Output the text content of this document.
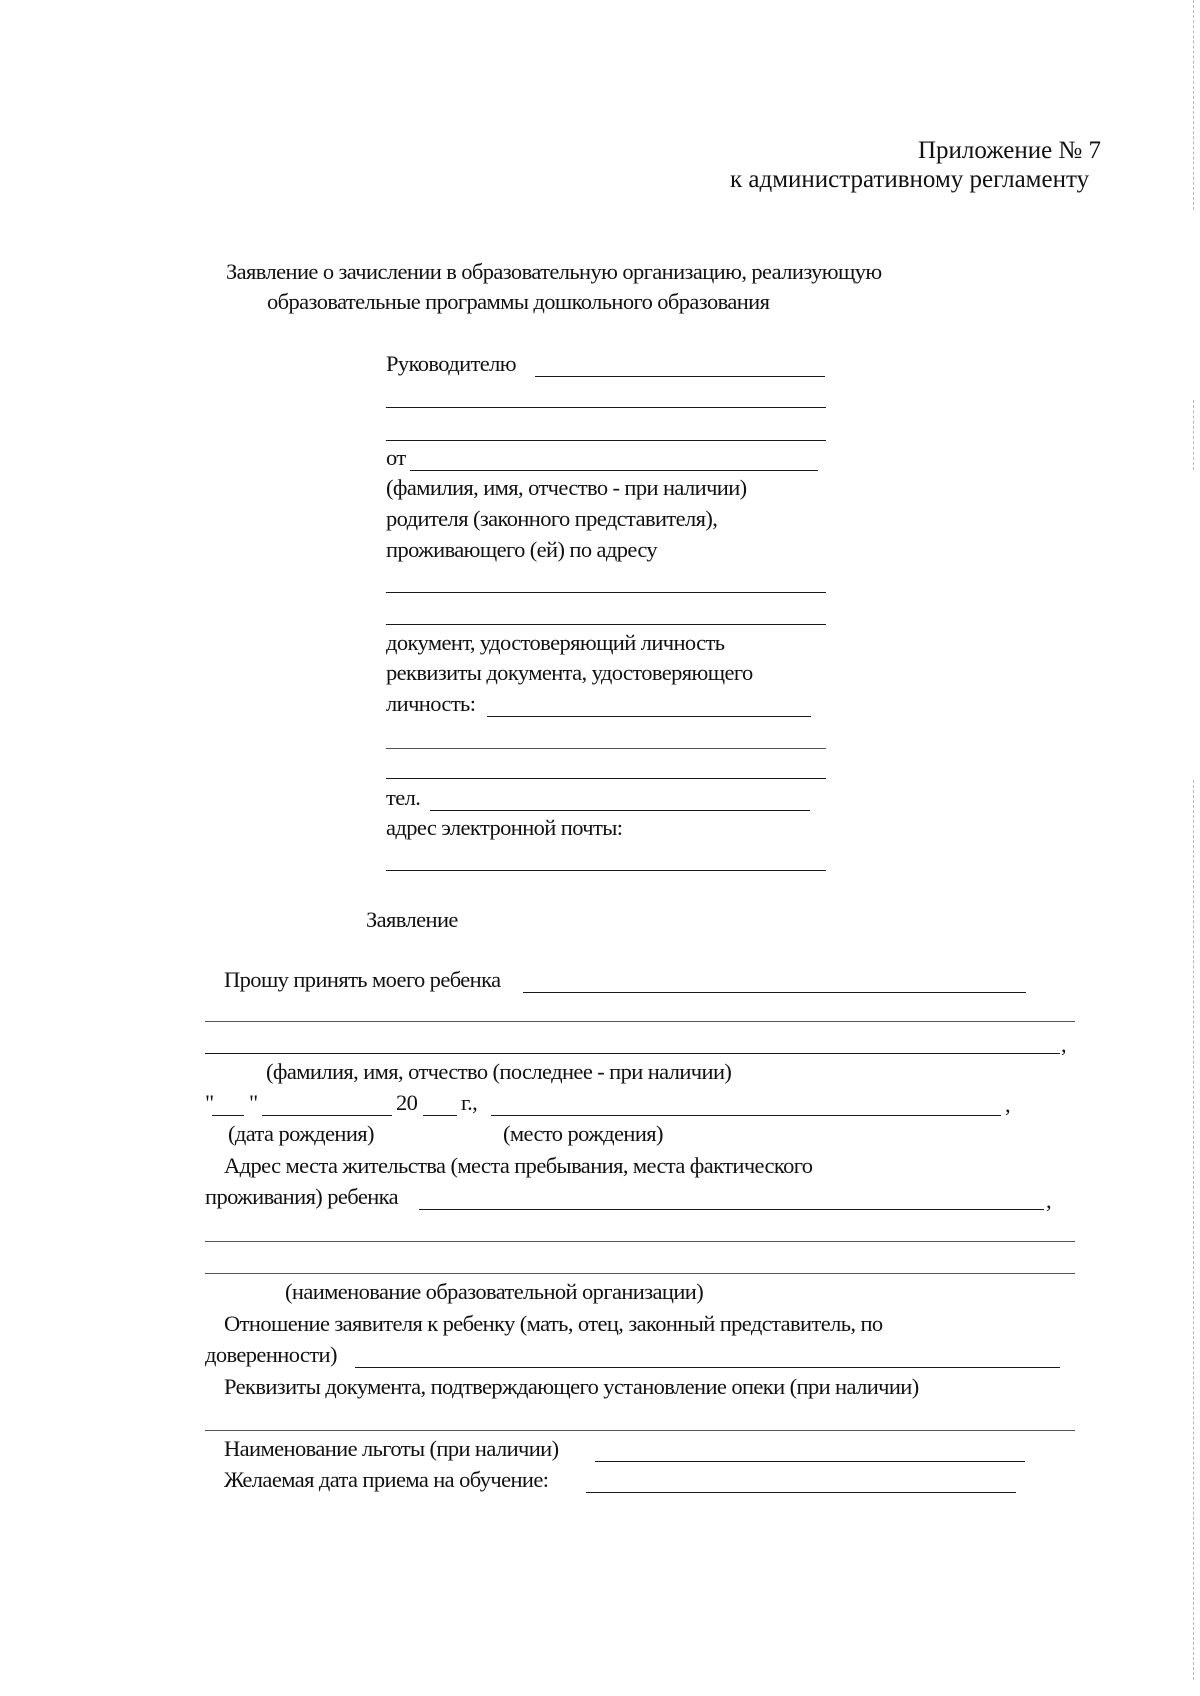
Приложение № 7
к административному регламенту
Заявление о зачислении в образовательную организацию, реализующую
образовательные программы дошкольного образования
Руководителю
от
(фамилия, имя, отчество - при наличии)
родителя (законного представителя),
проживающего (ей) по адресу
документ, удостоверяющий личность
реквизиты документа, удостоверяющего
личность:
тел.
адрес электронной почты:
Заявление
Прошу принять моего ребенка
,
(фамилия, имя, отчество (последнее - при наличии)
" "	20 г.,	,
(дата рождения)	(место рождения)
Адрес места жительства (места пребывания, места фактического
проживания) ребенка	,
(наименование образовательной организации)
Отношение заявителя к ребенку (мать, отец, законный представитель, по
доверенности)
Реквизиты документа, подтверждающего установление опеки (при наличии)
Наименование льготы (при наличии)
Желаемая дата приема на обучение:
